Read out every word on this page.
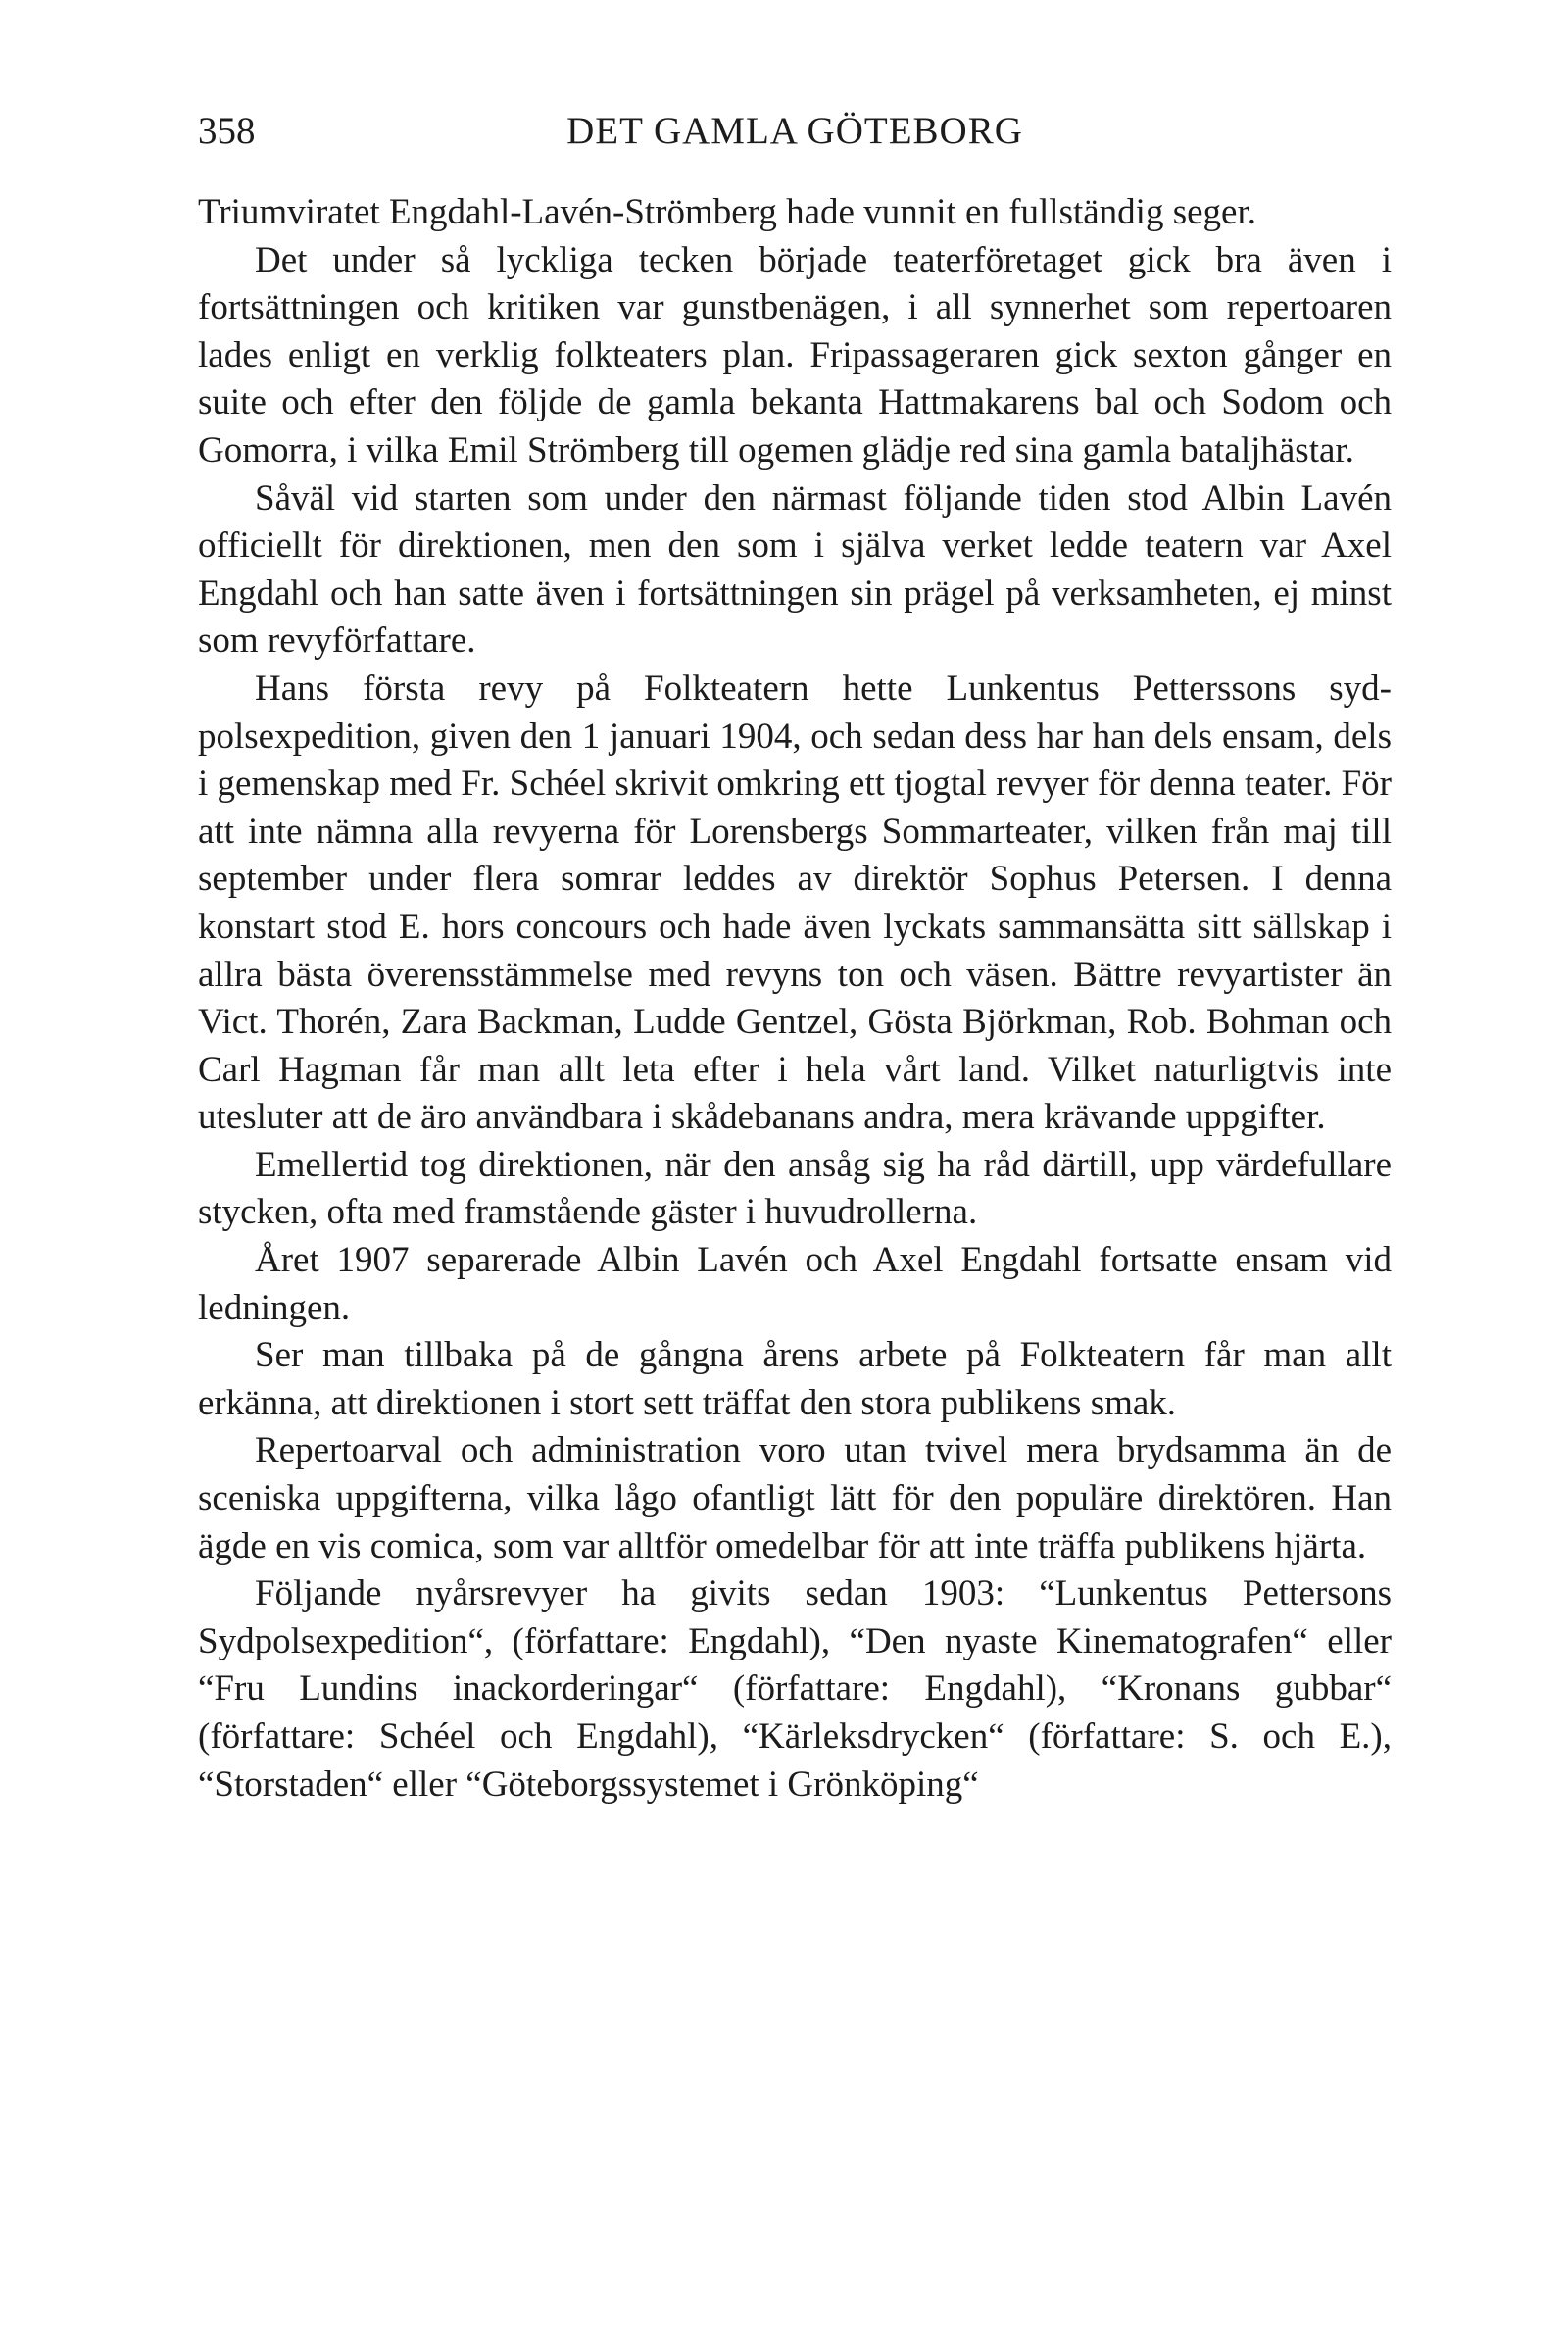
358	DET GAMLA GÖTEBORG

Triumviratet Engdahl-Lavén-Strömberg hade vunnit en fullständig seger.

Det under så lyckliga tecken började teaterföretaget gick bra även i fortsättningen och kritiken var gunstbenägen, i all synnerhet som repertoaren lades enligt en verklig folkteaters plan. Fripassageraren gick sexton gånger en suite och efter den följde de gamla bekanta Hattmakarens bal och Sodom och Gomorra, i vilka Emil Strömberg till ogemen glädje red sina gamla bataljhästar.

Såväl vid starten som under den närmast följande tiden stod Albin Lavén officiellt för direktionen, men den som i själva verket ledde teatern var Axel Engdahl och han satte även i fortsättningen sin prägel på verksamheten, ej minst som revyförfattare.

Hans första revy på Folkteatern hette Lunkentus Petterssons sydpolsexpedition, given den 1 januari 1904, och sedan dess har han dels ensam, dels i gemenskap med Fr. Schéel skrivit omkring ett tjogtal revyer för denna teater. För att inte nämna alla revyerna för Lorensbergs Sommarteater, vilken från maj till september under flera somrar leddes av direktör Sophus Petersen. I denna konstart stod E. hors concours och hade även lyckats sammansätta sitt sällskap i allra bästa överensstämmelse med revyns ton och väsen. Bättre revyartister än Vict. Thorén, Zara Backman, Ludde Gentzel, Gösta Björkman, Rob. Bohman och Carl Hagman får man allt leta efter i hela vårt land. Vilket naturligtvis inte utesluter att de äro användbara i skådebanans andra, mera krävande uppgifter.

Emellertid tog direktionen, när den ansåg sig ha råd därtill, upp värdefullare stycken, ofta med framstående gäster i huvudrollerna.

Året 1907 separerade Albin Lavén och Axel Engdahl fortsatte ensam vid ledningen.

Ser man tillbaka på de gångna årens arbete på Folkteatern får man allt erkänna, att direktionen i stort sett träffat den stora publikens smak.

Repertoarval och administration voro utan tvivel mera brydsamma än de sceniska uppgifterna, vilka lågo ofantligt lätt för den populäre direktören. Han ägde en vis comica, som var alltför omedelbar för att inte träffa publikens hjärta.

Följande nyårsrevyer ha givits sedan 1903: “Lunkentus Pettersons Sydpolsexpedition“, (författare: Engdahl), “Den nyaste Kinematografen“ eller “Fru Lundins inackorderingar“ (författare: Engdahl), “Kronans gubbar“ (författare: Schéel och Engdahl), “Kärleksdrycken“ (författare: S. och E.), “Storstaden“ eller “Göteborgssystemet i Grönköping“
